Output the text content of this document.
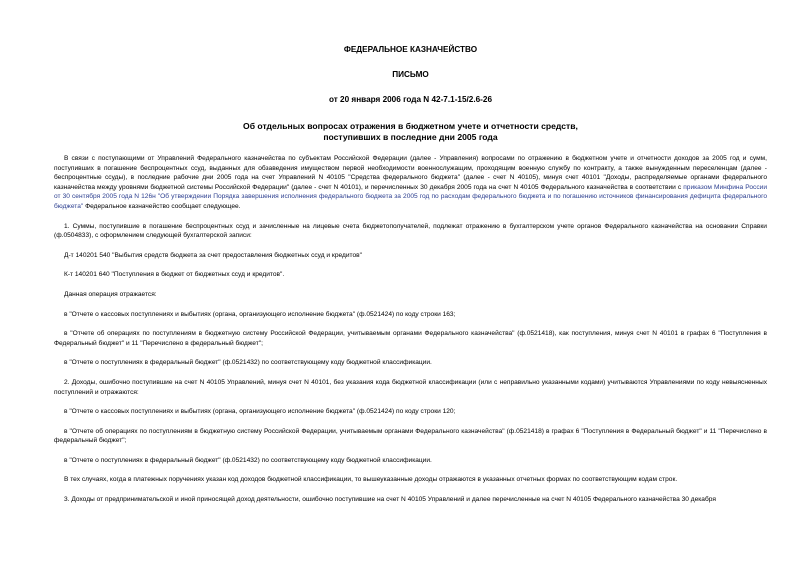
ФЕДЕРАЛЬНОЕ КАЗНАЧЕЙСТВО

ПИСЬМО

от 20 января 2006 года N 42-7.1-15/2.6-26

Об отдельных вопросах отражения в бюджетном учете и отчетности средств,
поступивших в последние дни 2005 года

В связи с поступающими от Управлений Федерального казначейства по субъектам Российской Федерации (далее - Управления) вопросами по отражению в бюджетном учете и отчетности доходов за 2005 год и сумм, поступивших в погашение беспроцентных ссуд, выданных для обзаведения имуществом первой необходимости военнослужащим, проходящим военную службу по контракту, а также вынужденным переселенцам (далее - беспроцентные ссуды), в последние рабочие дни 2005 года на счет Управлений N 40105 "Средства федерального бюджета" (далее - счет N 40105), минуя счет 40101 "Доходы, распределяемые органами федерального казначейства между уровнями бюджетной системы Российской Федерации" (далее - счет N 40101), и перечисленных 30 декабря 2005 года на счет N 40105 Федерального казначейства в соответствии с приказом Минфина России от 30 сентября 2005 года N 126н "Об утверждении Порядка завершения исполнения федерального бюджета за 2005 год по расходам федерального бюджета и по погашению источников финансирования дефицита федерального бюджета" Федеральное казначейство сообщает следующее.

1. Суммы, поступившие в погашение беспроцентных ссуд и зачисленные на лицевые счета бюджетополучателей, подлежат отражению в бухгалтерском учете органов Федерального казначейства на основании Справки (ф.0504833), с оформлением следующей бухгалтерской записи:

Д-т 140201 540 "Выбытия средств бюджета за счет предоставления бюджетных ссуд и кредитов"

К-т 140201 640 "Поступления в бюджет от бюджетных ссуд и кредитов".

Данная операция отражается:

в "Отчете о кассовых поступлениях и выбытиях (органа, организующего исполнение бюджета" (ф.0521424) по коду строки 163;

в "Отчете об операциях по поступлениям в бюджетную систему Российской Федерации, учитываемым органами Федерального казначейства" (ф.0521418), как поступления, минуя счет N 40101 в графах 6 "Поступления в Федеральный бюджет" и 11 "Перечислено в федеральный бюджет";

в "Отчете о поступлениях в федеральный бюджет" (ф.0521432) по соответствующему коду бюджетной классификации.

2. Доходы, ошибочно поступившие на счет N 40105 Управлений, минуя счет N 40101, без указания кода бюджетной классификации (или с неправильно указанными кодами) учитываются Управлениями по коду невыясненных поступлений и отражаются:

в "Отчете о кассовых поступлениях и выбытиях (органа, организующего исполнение бюджета" (ф.0521424) по коду строки 120;

в "Отчете об операциях по поступлениям в бюджетную систему Российской Федерации, учитываемым органами Федерального казначейства" (ф.0521418) в графах 6 "Поступления в Федеральный бюджет" и 11 "Перечислено в федеральный бюджет";

в "Отчете о поступлениях в федеральный бюджет" (ф.0521432) по соответствующему коду бюджетной классификации.

В тех случаях, когда в платежных поручениях указан код доходов бюджетной классификации, то вышеуказанные доходы отражаются в указанных отчетных формах по соответствующим кодам строк.

3. Доходы от предпринимательской и иной приносящей доход деятельности, ошибочно поступившие на счет N 40105 Управлений и далее перечисленные на счет N 40105 Федерального казначейства 30 декабря
